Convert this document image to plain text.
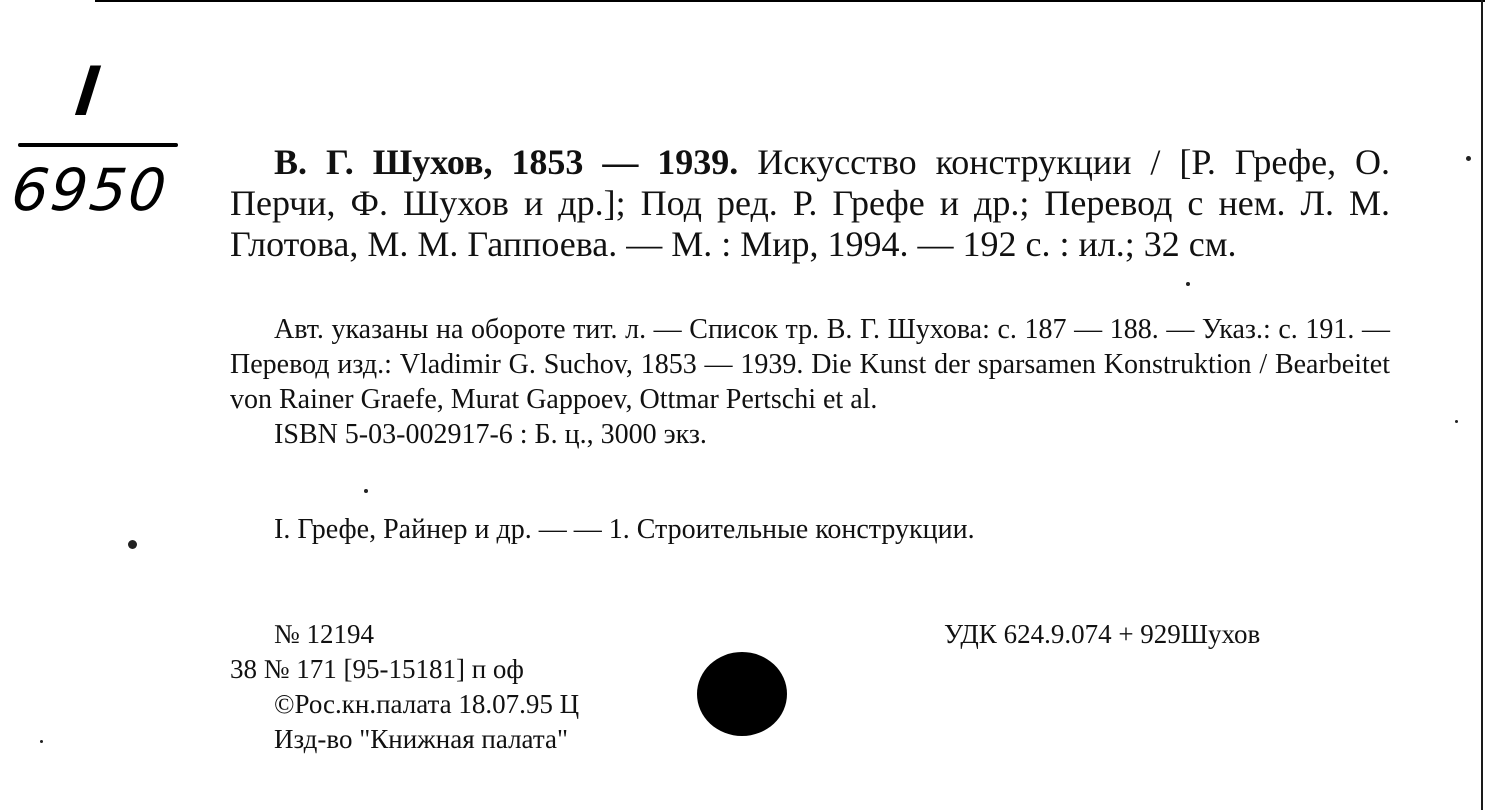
I
6950	В. Г. Шухов, 1853 — 1939. Искусство конструкции / [Р. Грефе, О. Перчи, Ф. Шухов и др.]; Под ред. Р. Грефе и др.; Перевод с нем. Л. М. Глотова, М. М. Гаппоева. — М. : Мир, 1994. — 192 с. : ил.; 32 см.

Авт. указаны на обороте тит. л. — Список тр. В. Г. Шухова: с. 187 — 188. — Указ.: с. 191. — Перевод изд.: Vladimir G. Suchov, 1853 — 1939. Die Kunst der sparsamen Konstruktion / Bearbeitet von Rainer Graefe, Murat Gappoev, Ottmar Pertschi et al.

ISBN 5-03-002917-6 : Б. ц., 3000 экз.

I. Грефе, Райнер и др. — — 1. Строительные конструкции.
№ 12194
38 № 171 [95-15181] п оф
©Рос.кн.палата 18.07.95 Ц
Изд-во "Книжная палата"
УДК 624.9.074 + 929Шухов
